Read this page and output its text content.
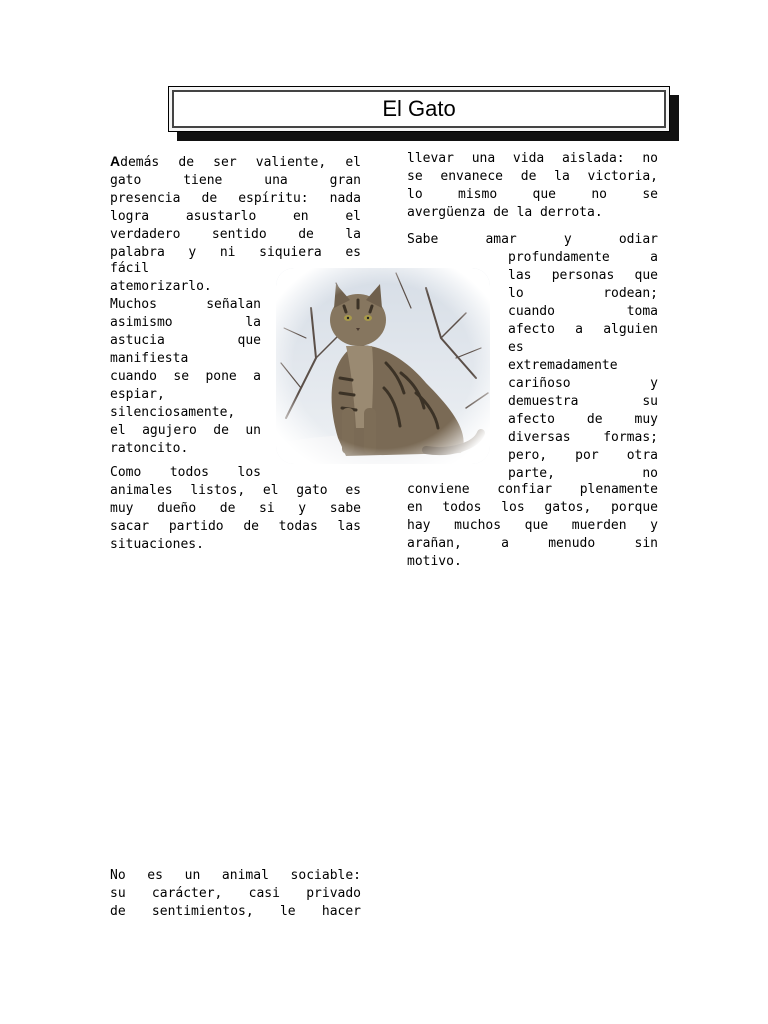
El Gato
Además de ser valiente, el
gato tiene una gran
presencia de espíritu: nada
logra asustarlo en el
verdadero sentido de la
palabra y ni siquiera es
fácil
atemorizarlo.
Muchos señalan
asimismo la
astucia que
manifiesta
cuando se pone a
espiar,
silenciosamente,
el agujero de un
ratoncito.
Como todos los
animales listos, el gato es
muy dueño de si y sabe
sacar partido de todas las
situaciones.
No es un animal sociable:
su carácter, casi privado
de sentimientos, le hacer
llevar una vida aislada: no
se envanece de la victoria,
lo mismo que no se
avergüenza de la derrota.
Sabe amar y odiar
profundamente a
las personas que
lo rodean;
cuando toma
afecto a alguien
es
extremadamente
cariñoso y
demuestra su
afecto de muy
diversas formas;
pero, por otra
parte, no
conviene confiar plenamente
en todos los gatos, porque
hay muchos que muerden y
arañan, a menudo sin
motivo.
